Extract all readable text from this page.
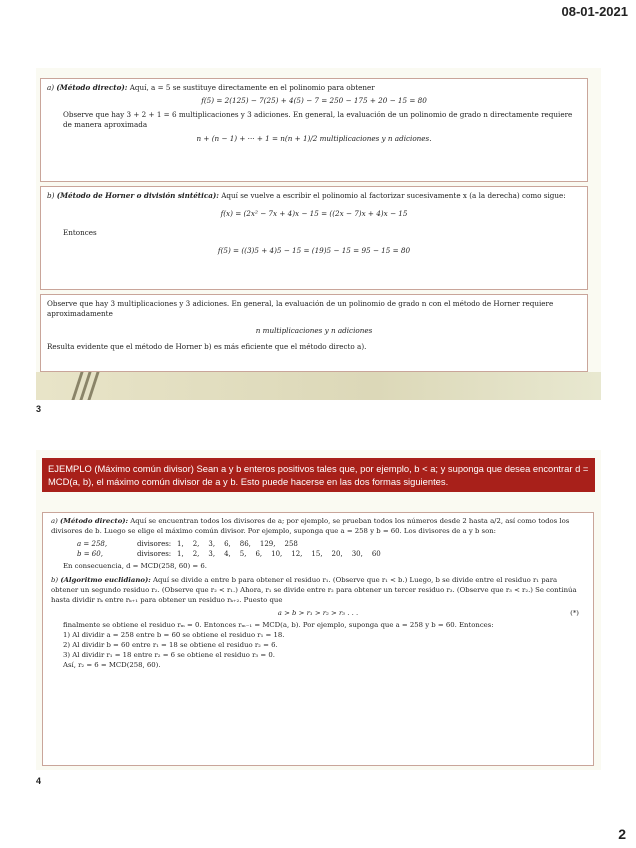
08-01-2021

a) (Método directo): Aquí, a = 5 se sustituye directamente en el polinomio para obtener

f(5) = 2(125) − 7(25) + 4(5) − 7 = 250 − 175 + 20 − 15 = 80

Observe que hay 3 + 2 + 1 = 6 multiplicaciones y 3 adiciones. En general, la evaluación de un polinomio de grado n directamente requiere de manera aproximada

n + (n − 1) + ··· + 1 = n(n + 1)/2 multiplicaciones y n adiciones.

b) (Método de Horner o división sintética): Aquí se vuelve a escribir el polinomio al factorizar sucesivamente x (a la derecha) como sigue:

f(x) = (2x² − 7x + 4)x − 15 = ((2x − 7)x + 4)x − 15

Entonces

f(5) = ((3)5 + 4)5 − 15 = (19)5 − 15 = 95 − 15 = 80

Observe que hay 3 multiplicaciones y 3 adiciones. En general, la evaluación de un polinomio de grado n con el método de Horner requiere aproximadamente

n multiplicaciones y n adiciones

Resulta evidente que el método de Horner b) es más eficiente que el método directo a).

3
EJEMPLO (Máximo común divisor) Sean a y b enteros positivos tales que, por ejemplo, b < a; y suponga que desea encontrar d = MCD(a, b), el máximo común divisor de a y b. Esto puede hacerse en las dos formas siguientes.

a) (Método directo): Aquí se encuentran todos los divisores de a; por ejemplo, se prueban todos los números desde 2 hasta a/2, así como todos los divisores de b. Luego se elige el máximo común divisor. Por ejemplo, suponga que a = 258 y b = 60. Los divisores de a y b son:

a = 258,	divisores: 1, 2, 3, 6, 86, 129, 258
b = 60,	divisores: 1, 2, 3, 4, 5, 6, 10, 12, 15, 20, 30, 60

En consecuencia, d = MCD(258, 60) = 6.

b) (Algoritmo euclidiano): Aquí se divide a entre b para obtener el residuo r₁. (Observe que r₁ < b.) Luego, b se divide entre el residuo r₁ para obtener un segundo residuo r₂. (Observe que r₂ < r₁.) Ahora, r₁ se divide entre r₂ para obtener un tercer residuo r₃. (Observe que r₃ < r₂.) Se continúa hasta dividir rₖ entre rₖ₊₁ para obtener un residuo rₖ₊₂. Puesto que

a > b > r₁ > r₂ > r₃ . . .	(*)

finalmente se obtiene el residuo rₘ = 0. Entonces rₘ₋₁ = MCD(a, b). Por ejemplo, suponga que a = 258 y b = 60. Entonces:

1) Al dividir a = 258 entre b = 60 se obtiene el residuo r₁ = 18.

2) Al dividir b = 60 entre r₁ = 18 se obtiene el residuo r₂ = 6.

3) Al dividir r₁ = 18 entre r₂ = 6 se obtiene el residuo r₃ = 0.

Así, r₂ = 6 = MCD(258, 60).

4
2
